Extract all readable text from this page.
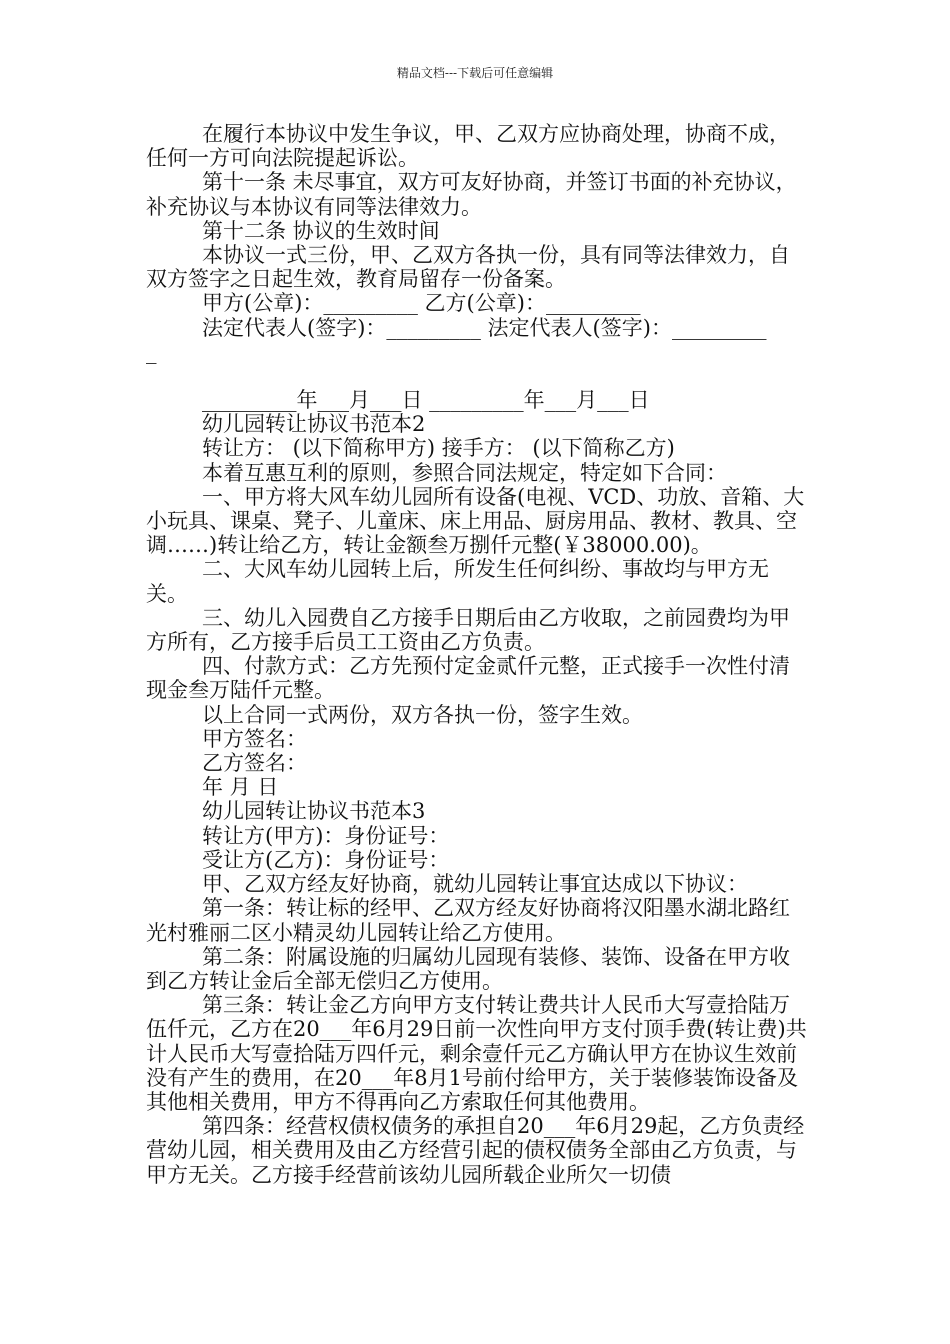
精品文档---下载后可任意编辑
在履行本协议中发生争议，甲、乙双方应协商处理，协商不成，任何一方可向法院提起诉讼。
第十一条 未尽事宜，双方可友好协商，并签订书面的补充协议，补充协议与本协议有同等法律效力。
第十二条 协议的生效时间
本协议一式三份，甲、乙双方各执一份，具有同等法律效力，自双方签字之日起生效，教育局留存一份备案。
甲方(公章)：_________ 乙方(公章)：_________
法定代表人(签字)：_________ 法定代表人(签字)：_________
_
_________年___月___日 _________年___月___日
幼儿园转让协议书范本2
转让方： (以下简称甲方) 接手方： (以下简称乙方)
本着互惠互利的原则，参照合同法规定，特定如下合同：
一、甲方将大风车幼儿园所有设备(电视、VCD、功放、音箱、大小玩具、课桌、凳子、儿童床、床上用品、厨房用品、教材、教具、空调……)转让给乙方，转让金额叁万捌仟元整(￥38000.00)。
二、大风车幼儿园转上后，所发生任何纠纷、事故均与甲方无关。
三、幼儿入园费自乙方接手日期后由乙方收取，之前园费均为甲方所有，乙方接手后员工工资由乙方负责。
四、付款方式：乙方先预付定金贰仟元整，正式接手一次性付清现金叁万陆仟元整。
以上合同一式两份，双方各执一份，签字生效。
甲方签名：
乙方签名：
年 月 日
幼儿园转让协议书范本3
转让方(甲方)：身份证号：
受让方(乙方)：身份证号：
甲、乙双方经友好协商，就幼儿园转让事宜达成以下协议：
第一条：转让标的经甲、乙双方经友好协商将汉阳墨水湖北路红光村雅丽二区小精灵幼儿园转让给乙方使用。
第二条：附属设施的归属幼儿园现有装修、装饰、设备在甲方收到乙方转让金后全部无偿归乙方使用。
第三条：转让金乙方向甲方支付转让费共计人民币大写壹拾陆万伍仟元，乙方在20___年6月29日前一次性向甲方支付顶手费(转让费)共计人民币大写壹拾陆万四仟元，剩余壹仟元乙方确认甲方在协议生效前没有产生的费用，在20___年8月1号前付给甲方，关于装修装饰设备及其他相关费用，甲方不得再向乙方索取任何其他费用。
第四条：经营权债权债务的承担自20___年6月29起，乙方负责经营幼儿园，相关费用及由乙方经营引起的债权债务全部由乙方负责，与甲方无关。乙方接手经营前该幼儿园所载企业所欠一切债
